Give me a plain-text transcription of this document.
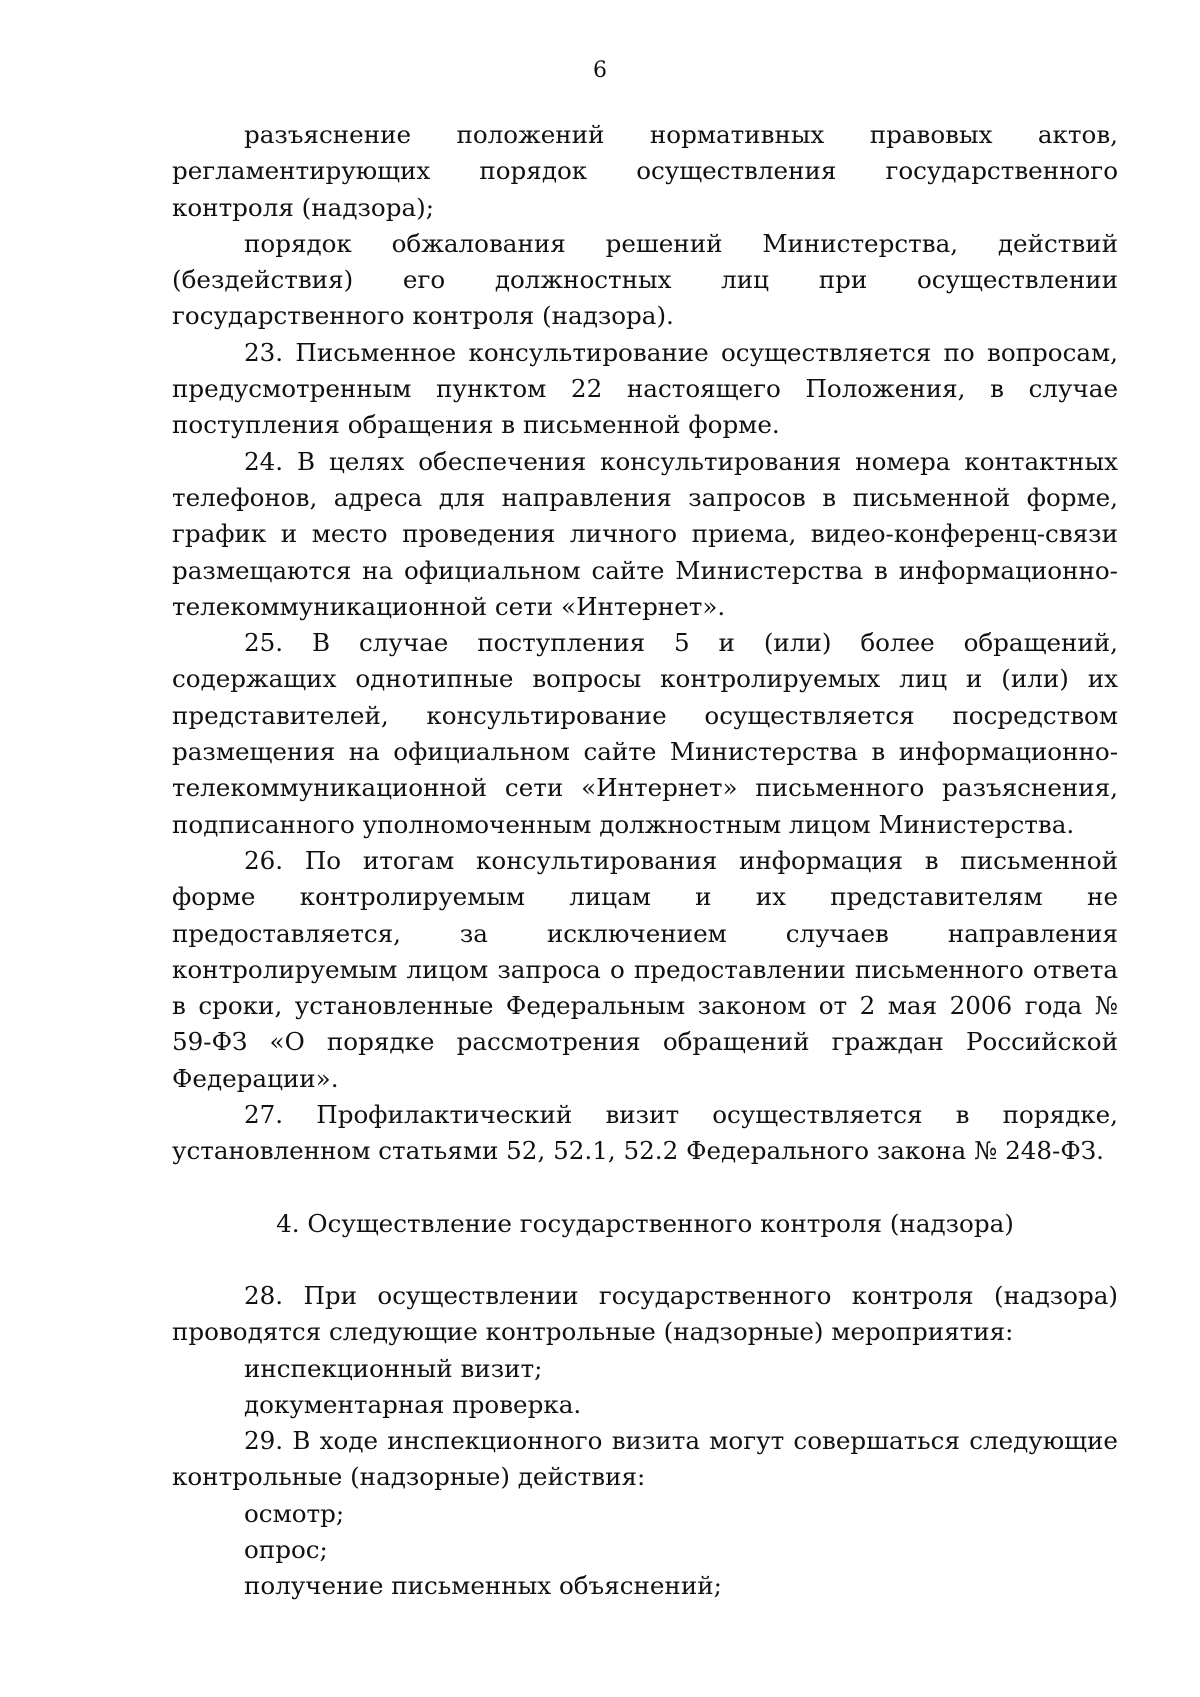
6

разъяснение положений нормативных правовых актов, регламентирующих порядок осуществления государственного контроля (надзора);

порядок обжалования решений Министерства, действий (бездействия) его должностных лиц при осуществлении государственного контроля (надзора).

23. Письменное консультирование осуществляется по вопросам, предусмотренным пунктом 22 настоящего Положения, в случае поступления обращения в письменной форме.

24. В целях обеспечения консультирования номера контактных телефонов, адреса для направления запросов в письменной форме, график и место проведения личного приема, видео-конференц-связи размещаются на официальном сайте Министерства в информационно-телекоммуникационной сети «Интернет».

25. В случае поступления 5 и (или) более обращений, содержащих однотипные вопросы контролируемых лиц и (или) их представителей, консультирование осуществляется посредством размещения на официальном сайте Министерства в информационно-телекоммуникационной сети «Интернет» письменного разъяснения, подписанного уполномоченным должностным лицом Министерства.

26. По итогам консультирования информация в письменной форме контролируемым лицам и их представителям не предоставляется, за исключением случаев направления контролируемым лицом запроса о предоставлении письменного ответа в сроки, установленные Федеральным законом от 2 мая 2006 года № 59-ФЗ «О порядке рассмотрения обращений граждан Российской Федерации».

27. Профилактический визит осуществляется в порядке, установленном статьями 52, 52.1, 52.2 Федерального закона № 248-ФЗ.

4. Осуществление государственного контроля (надзора)

28. При осуществлении государственного контроля (надзора) проводятся следующие контрольные (надзорные) мероприятия:

инспекционный визит;

документарная проверка.

29. В ходе инспекционного визита могут совершаться следующие контрольные (надзорные) действия:

осмотр;

опрос;

получение письменных объяснений;
